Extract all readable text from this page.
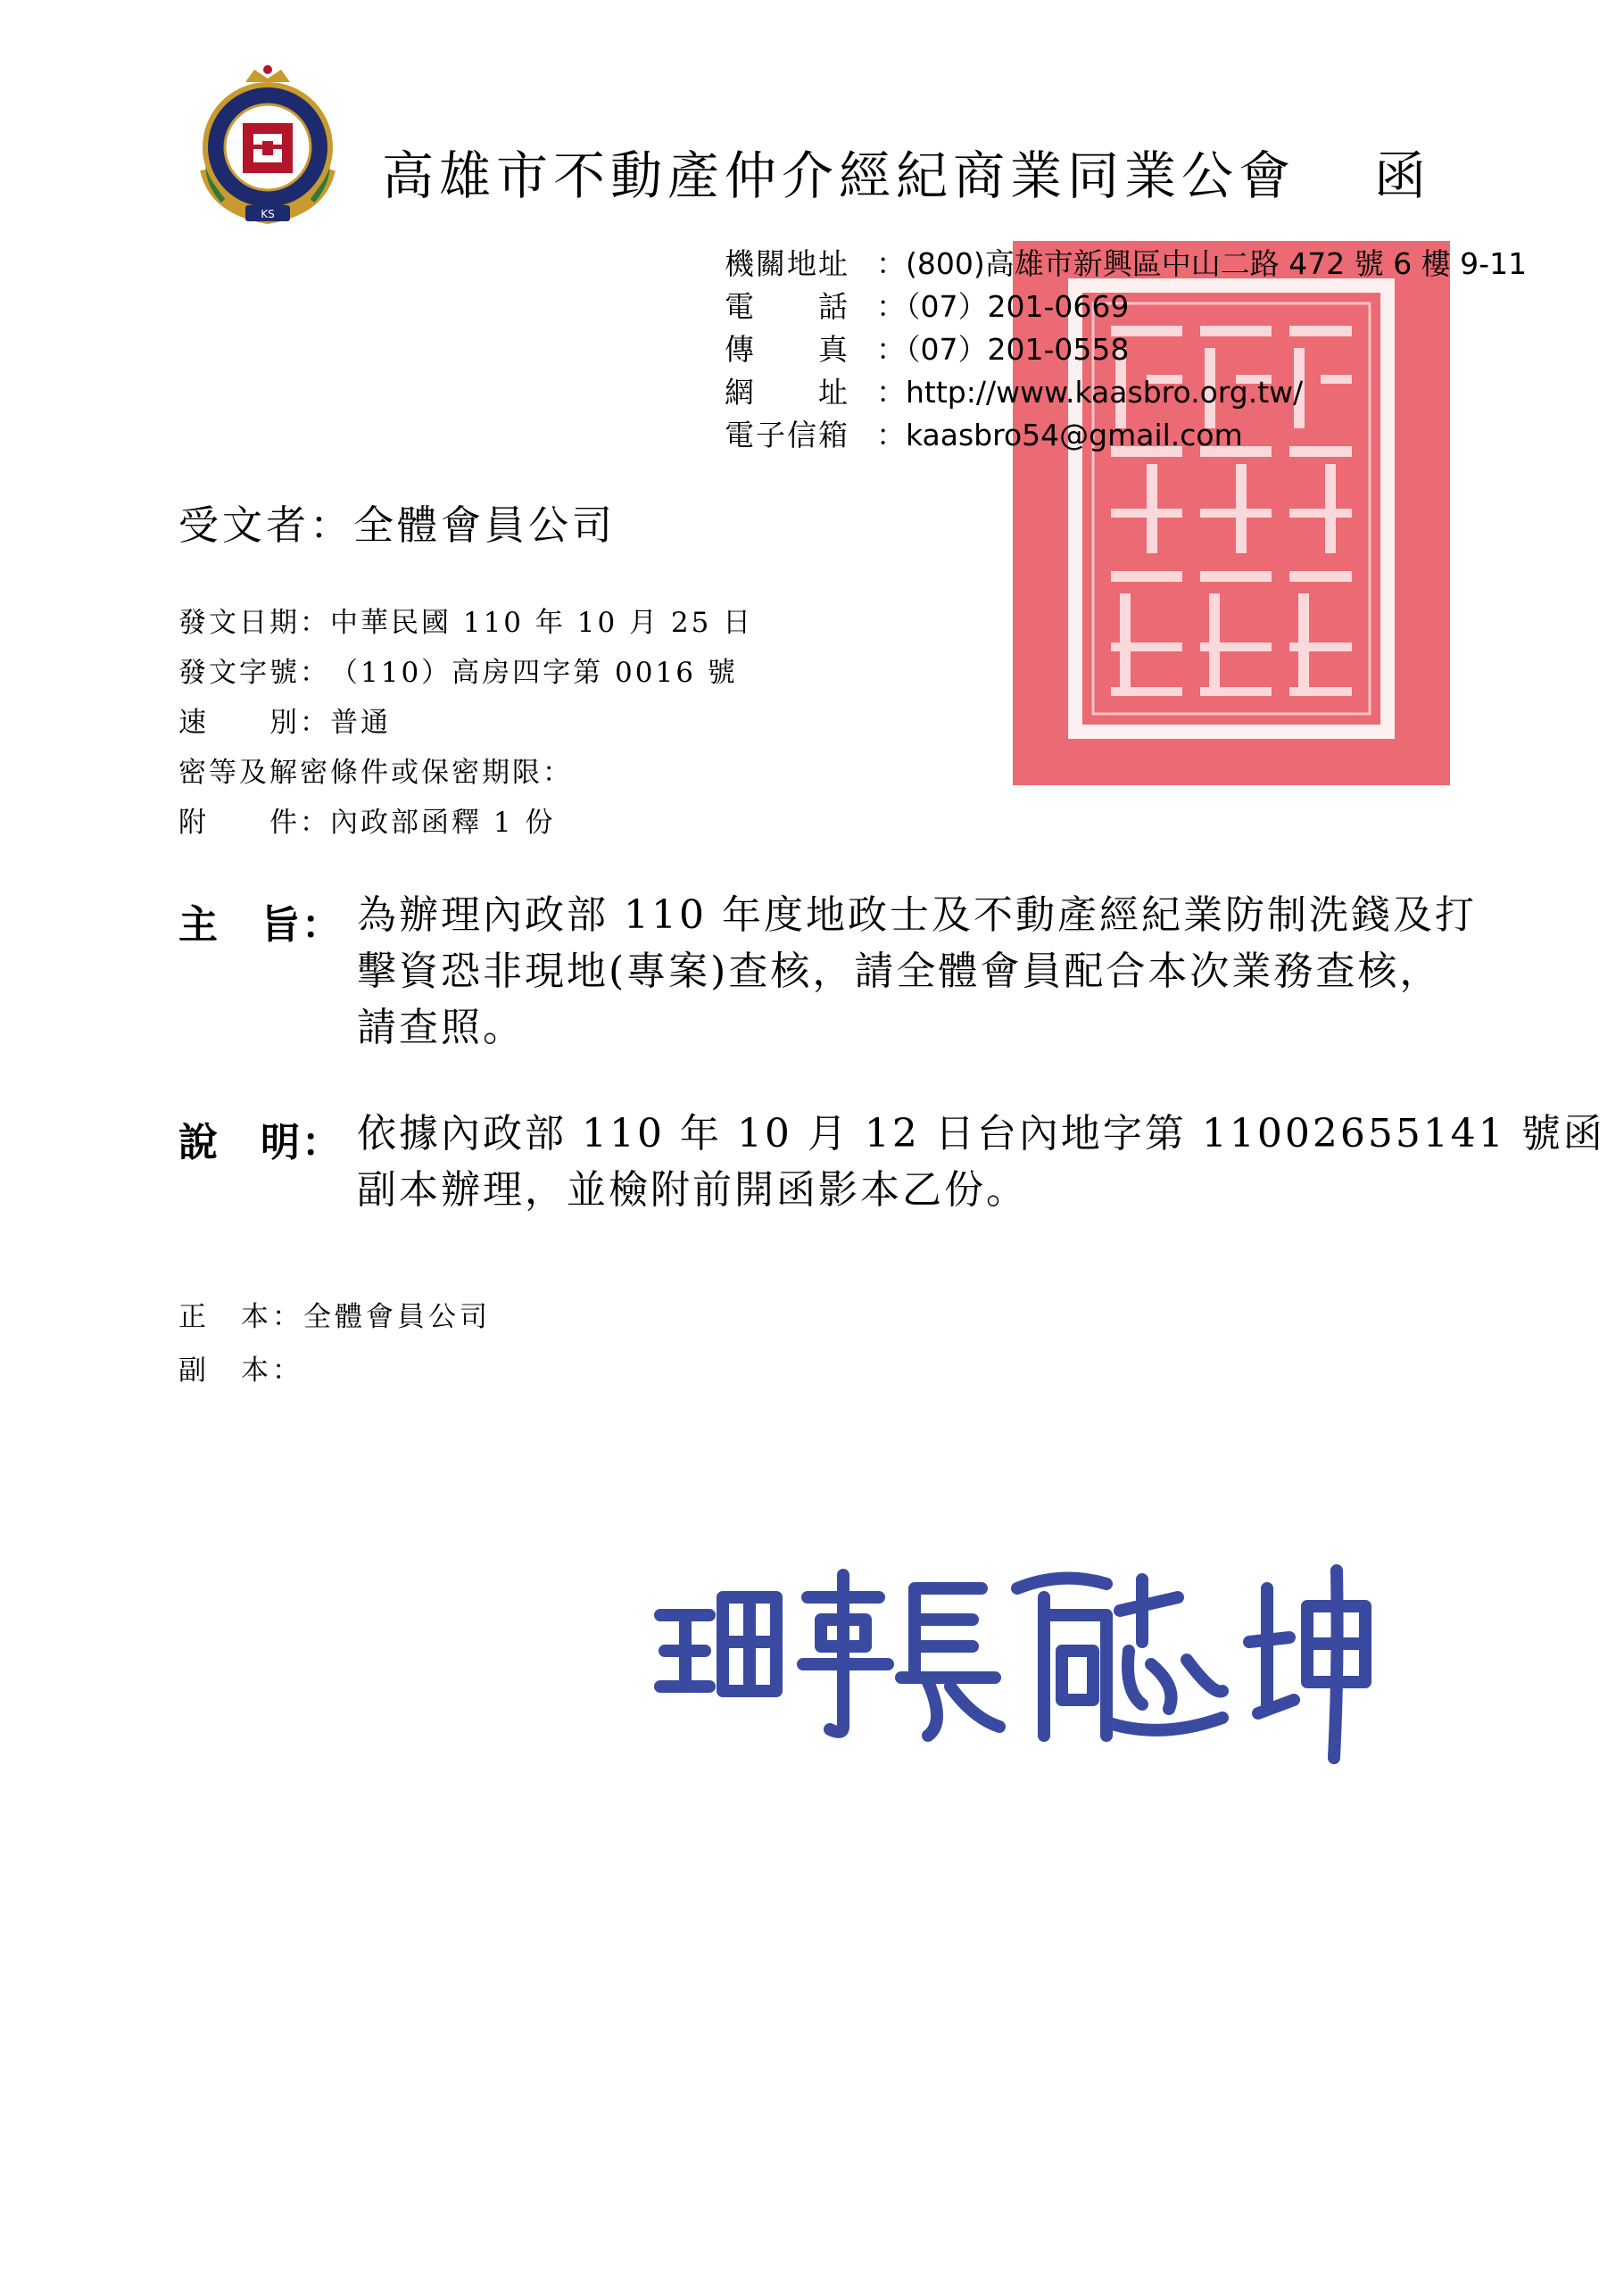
KS
高雄市不動產仲介經紀商業同業公會 函
機關地址 ：(800)高雄市新興區中山二路 472 號 6 樓 9-11
電　　話 ：（07）201-0669
傳　　真 ：（07）201-0558
網　　址 ：http://www.kaasbro.org.tw/
電子信箱 ：kaasbro54@gmail.com
受文者：全體會員公司
發文日期：中華民國 110 年 10 月 25 日
發文字號：（110）高房四字第 0016 號
速　　別：普通
密等及解密條件或保密期限：
附　　件：內政部函釋 1 份
主　旨： 為辦理內政部 110 年度地政士及不動產經紀業防制洗錢及打
擊資恐非現地(專案)查核，請全體會員配合本次業務查核，
請查照。
說　明： 依據內政部 110 年 10 月 12 日台內地字第 11002655141 號函
副本辦理，並檢附前開函影本乙份。
正　本：全體會員公司
副　本：
